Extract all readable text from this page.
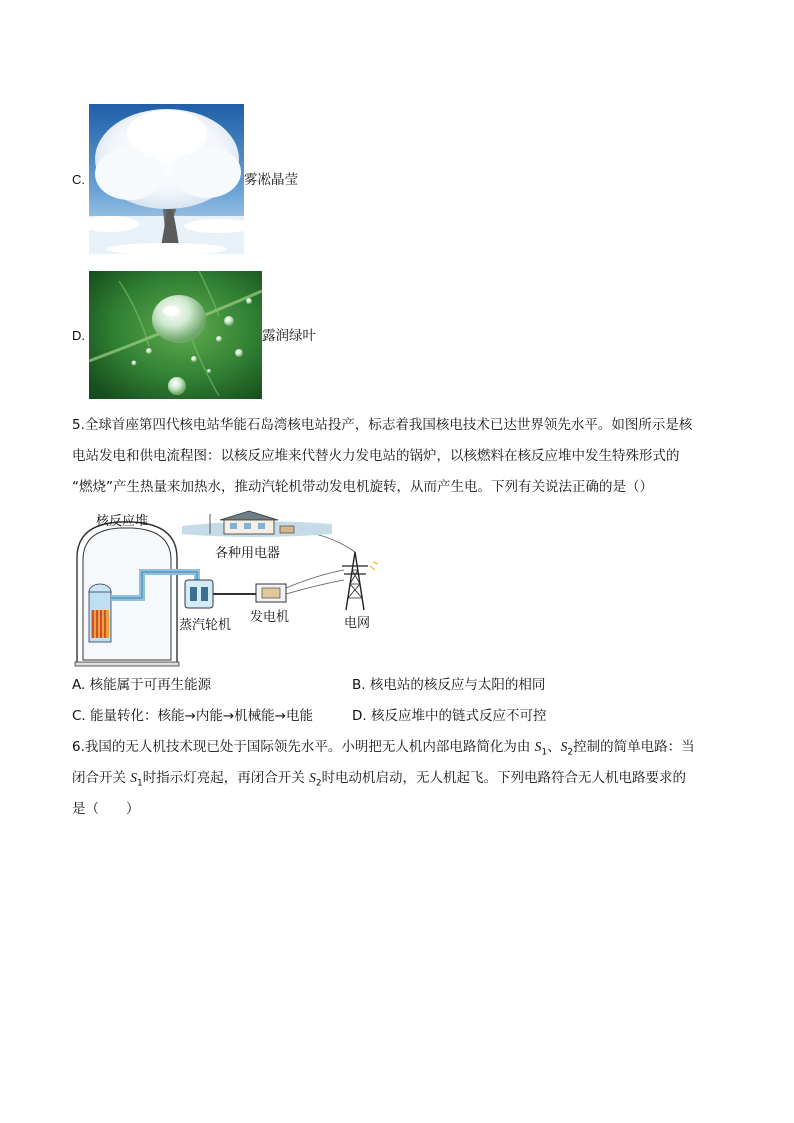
C.	雾凇晶莹
D.	露润绿叶
5.全球首座第四代核电站华能石岛湾核电站投产，标志着我国核电技术已达世界领先水平。如图所示是核
电站发电和供电流程图：以核反应堆来代替火力发电站的锅炉，以核燃料在核反应堆中发生特殊形式的
“燃烧”产生热量来加热水，推动汽轮机带动发电机旋转，从而产生电。下列有关说法正确的是（）
核反应堆
各种用电器
蒸汽轮机
发电机	电网
A. 核能属于可再生能源	B. 核电站的核反应与太阳的相同
C. 能量转化：核能→内能→机械能→电能	D. 核反应堆中的链式反应不可控
6.我国的无人机技术现已处于国际领先水平。小明把无人机内部电路简化为由 $S_1$、$S_2$控制的简单电路：当
闭合开关 $S_1$时指示灯亮起，再闭合开关 $S_2$时电动机启动，无人机起飞。下列电路符合无人机电路要求的
是（　　）
